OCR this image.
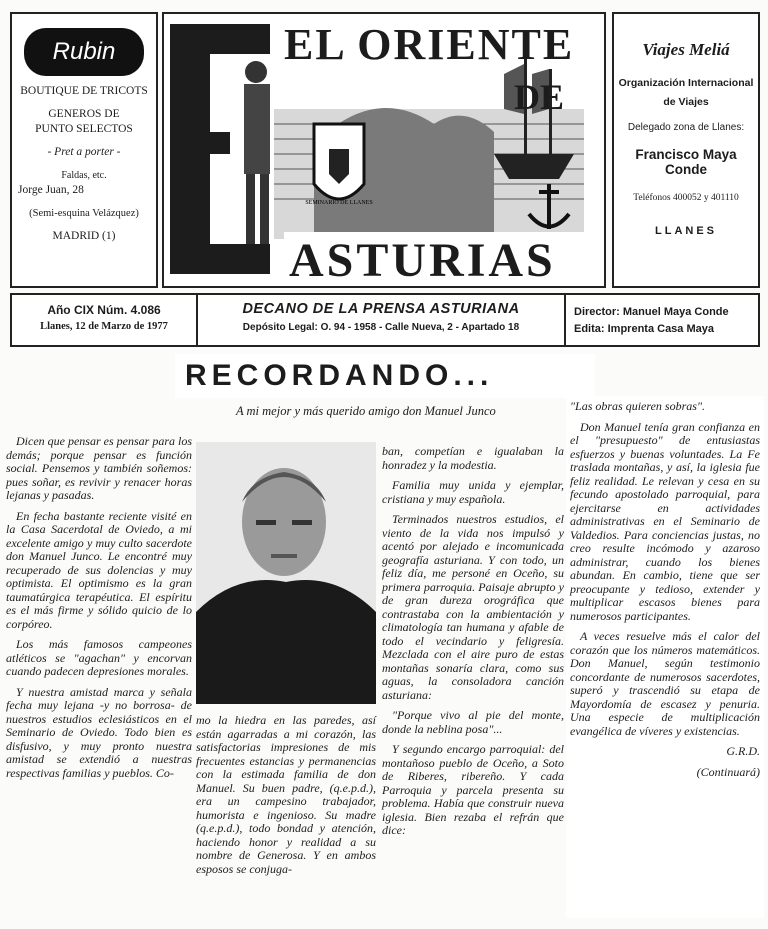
Rubin
BOUTIQUE DE TRICOTS
GENEROS DE
PUNTO SELECTOS
- Pret a porter -
Faldas, etc.
Jorge Juan, 28
(Semi-esquina Velázquez)
MADRID (1)
SEMINARIO DE LLANES
EL ORIENTE
DE
ASTURIAS
Viajes Meliá
Organización Internacional
de Viajes
Delegado zona de Llanes:
Francisco Maya Conde
Teléfonos 400052 y 401110
LLANES
Año CIX Núm. 4.086
Llanes, 12 de Marzo de 1977
DECANO DE LA PRENSA ASTURIANA
Depósito Legal: O. 94 - 1958 - Calle Nueva, 2 - Apartado 18
Director: Manuel Maya Conde
Edita: Imprenta Casa Maya
RECORDANDO...
A mi mejor y más querido amigo don Manuel Junco

Dicen que pensar es pensar para los demás; porque pensar es función social. Pensemos y también soñemos: pues soñar, es revivir y renacer horas lejanas y pasadas.

En fecha bastante reciente visité en la Casa Sacerdotal de Oviedo, a mi excelente amigo y muy culto sacerdote don Manuel Junco. Le encontré muy recuperado de sus dolencias y muy optimista. El optimismo es la gran taumatúrgica terapéutica. El espíritu es el más firme y sólido quicio de lo corpóreo.

Los más famosos campeones atléticos se "agachan" y encorvan cuando padecen depresiones morales.

Y nuestra amistad marca y señala fecha muy lejana -y no borrosa- de nuestros estudios eclesiásticos en el Seminario de Oviedo. Todo bien es disfusivo, y muy pronto nuestra amistad se extendió a nuestras respectivas familias y pueblos. Co-

mo la hiedra en las paredes, así están agarradas a mi corazón, las satisfactorias impresiones de mis frecuentes estancias y permanencias con la estimada familia de don Manuel. Su buen padre, (q.e.p.d.), era un campesino trabajador, humorista e ingenioso. Su madre (q.e.p.d.), todo bondad y atención, haciendo honor y realidad a su nombre de Generosa. Y en ambos esposos se conjuga-

ban, competían e igualaban la honradez y la modestia.

Familia muy unida y ejemplar, cristiana y muy española.

Terminados nuestros estudios, el viento de la vida nos impulsó y acentó por alejado e incomunicada geografía asturiana. Y con todo, un feliz día, me personé en Oceño, su primera parroquia. Paisaje abrupto y de gran dureza orográfica que contrastaba con la ambientación y climatología tan humana y afable de todo el vecindario y feligresía. Mezclada con el aire puro de estas montañas sonaría clara, como sus aguas, la consoladora canción asturiana:

"Porque vivo al pie del monte, donde la neblina posa"...

Y segundo encargo parroquial: del montañoso pueblo de Oceño, a Soto de Riberes, ribereño. Y cada Parroquia y parcela presenta su problema. Había que construir nueva iglesia. Bien rezaba el refrán que dice:

"Las obras quieren sobras".

Don Manuel tenía gran confianza en el "presupuesto" de entusiastas esfuerzos y buenas voluntades. La Fe traslada montañas, y así, la iglesia fue feliz realidad. Le relevan y cesa en su fecundo apostolado parroquial, para ejercitarse en actividades administrativas en el Seminario de Valdedios. Para conciencias justas, no creo resulte incómodo y azaroso administrar, cuando los bienes abundan. En cambio, tiene que ser preocupante y tedioso, extender y multiplicar escasos bienes para numerosos participantes.

A veces resuelve más el calor del corazón que los números matemáticos. Don Manuel, según testimonio concordante de numerosos sacerdotes, superó y trascendió su etapa de Mayordomía de escasez y penuria. Una especie de multiplicación evangélica de víveres y existencias.

G.R.D.

(Continuará)
